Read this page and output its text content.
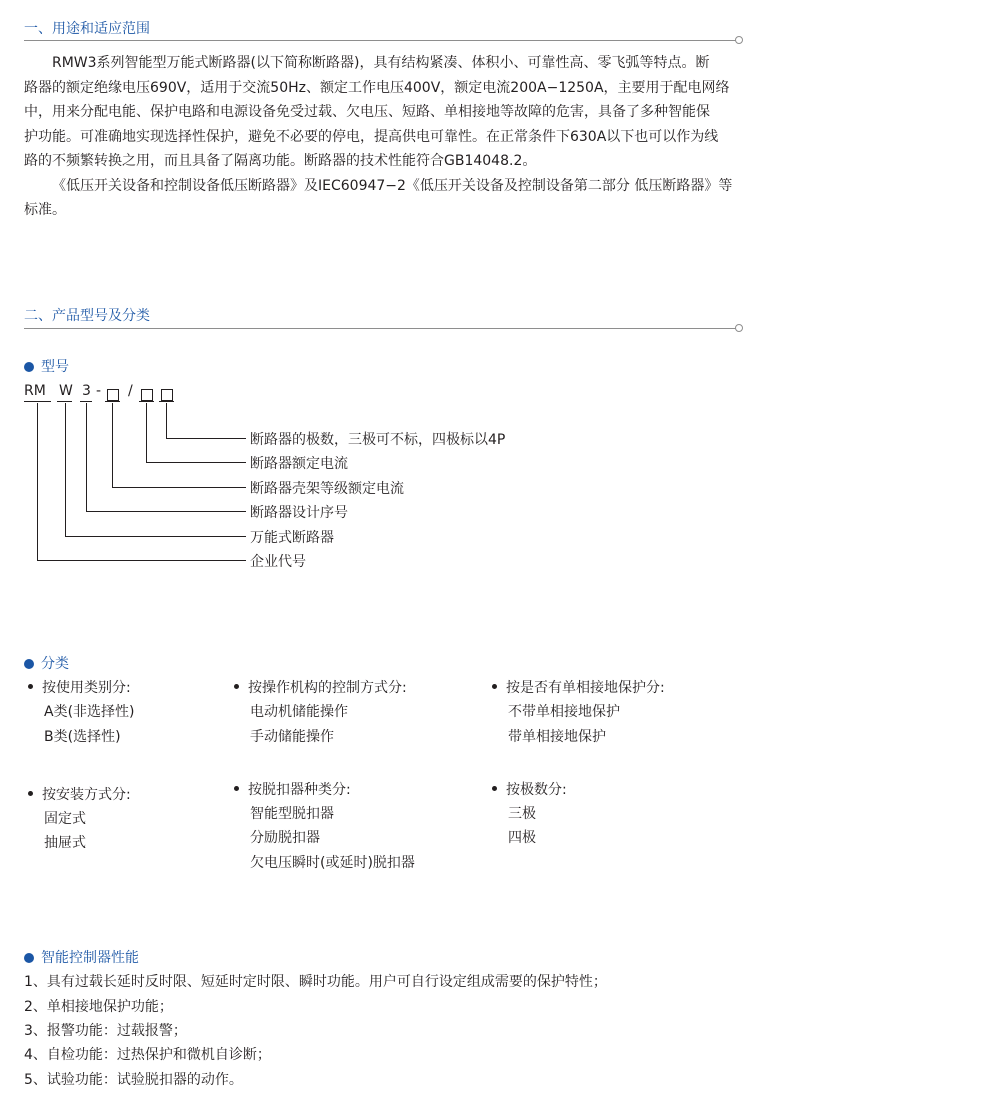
一、用途和适应范围
RMW3系列智能型万能式断路器(以下简称断路器)，具有结构紧凑、体积小、可靠性高、零飞弧等特点。断
路器的额定绝缘电压690V，适用于交流50Hz、额定工作电压400V，额定电流200A−1250A，主要用于配电网络
中，用来分配电能、保护电路和电源设备免受过载、欠电压、短路、单相接地等故障的危害，具备了多种智能保
护功能。可准确地实现选择性保护，避免不必要的停电，提高供电可靠性。在正常条件下630A以下也可以作为线
路的不频繁转换之用，而且具备了隔离功能。断路器的技术性能符合GB14048.2。
《低压开关设备和控制设备低压断路器》及IEC60947−2《低压开关设备及控制设备第二部分 低压断路器》等
标准。
二、产品型号及分类
型号
RM W 3 - /
断路器的极数，三极可不标，四极标以4P
断路器额定电流
断路器壳架等级额定电流
断路器设计序号
万能式断路器
企业代号
分类
按使用类别分:
A类(非选择性)
B类(选择性)
按操作机构的控制方式分:
电动机储能操作
手动储能操作
按是否有单相接地保护分:
不带单相接地保护
带单相接地保护
按安装方式分:
固定式
抽屉式
按脱扣器种类分:
智能型脱扣器
分励脱扣器
欠电压瞬时(或延时)脱扣器
按极数分:
三极
四极
智能控制器性能
1、具有过载长延时反时限、短延时定时限、瞬时功能。用户可自行设定组成需要的保护特性；
2、单相接地保护功能；
3、报警功能：过载报警；
4、自检功能：过热保护和微机自诊断；
5、试验功能：试验脱扣器的动作。
